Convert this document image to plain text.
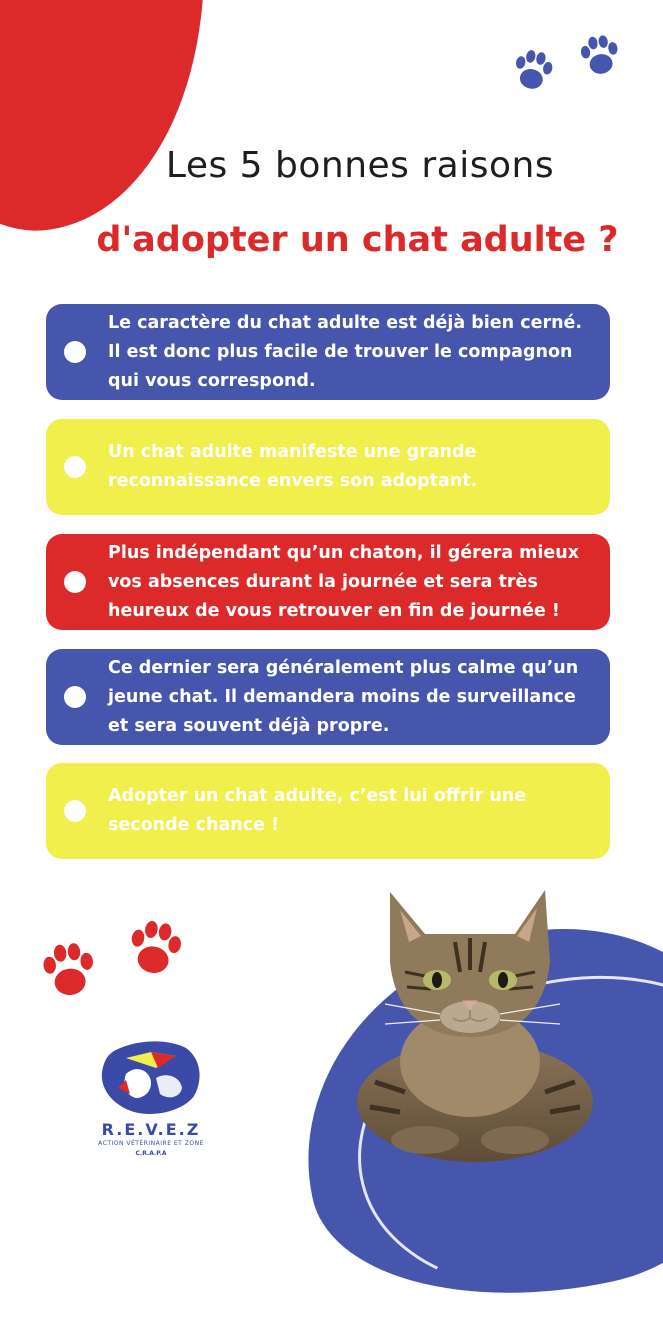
Les 5 bonnes raisons
d'adopter un chat adulte ?
Le caractère du chat adulte est déjà bien cerné. Il est donc plus facile de trouver le compagnon qui vous correspond.
Un chat adulte manifeste une grande reconnaissance envers son adoptant.
Plus indépendant qu’un chaton, il gérera mieux vos absences durant la journée et sera très heureux de vous retrouver en fin de journée !
Ce dernier sera généralement plus calme qu’un jeune chat. Il demandera moins de surveillance et sera souvent déjà propre.
Adopter un chat adulte, c’est lui offrir une seconde chance !
R.E.V.E.Z
ACTION VÉTÉRINAIRE ET ZONE
C.R.A.P.A
